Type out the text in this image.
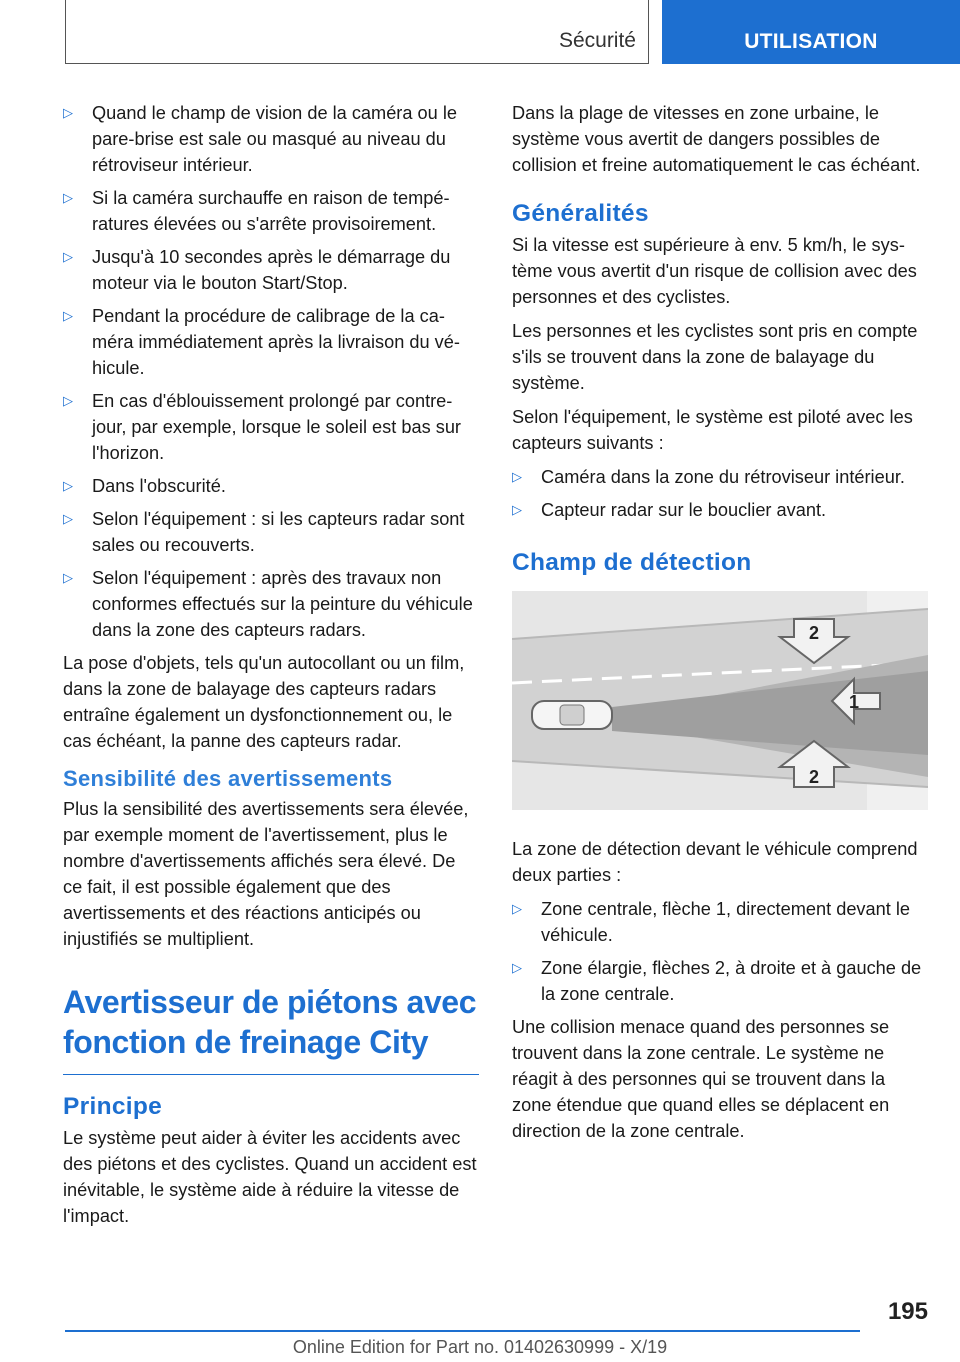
Sécurité	UTILISATION
▷ Quand le champ de vision de la caméra ou le pare-brise est sale ou masqué au niveau du rétroviseur intérieur.
▷ Si la caméra surchauffe en raison de températures élevées ou s'arrête provisoirement.
▷ Jusqu'à 10 secondes après le démarrage du moteur via le bouton Start/Stop.
▷ Pendant la procédure de calibrage de la caméra immédiatement après la livraison du véhicule.
▷ En cas d'éblouissement prolongé par contre-jour, par exemple, lorsque le soleil est bas sur l'horizon.
▷ Dans l'obscurité.
▷ Selon l'équipement : si les capteurs radar sont sales ou recouverts.
▷ Selon l'équipement : après des travaux non conformes effectués sur la peinture du véhicule dans la zone des capteurs radars.

La pose d'objets, tels qu'un autocollant ou un film, dans la zone de balayage des capteurs radars entraîne également un dysfonctionnement ou, le cas échéant, la panne des capteurs radar.

Sensibilité des avertissements

Plus la sensibilité des avertissements sera élevée, par exemple moment de l'avertissement, plus le nombre d'avertissements affichés sera élevé. De ce fait, il est possible également que des avertissements et des réactions anticipés ou injustifiés se multiplient.

Avertisseur de piétons avec fonction de freinage City
Principe

Le système peut aider à éviter les accidents avec des piétons et des cyclistes. Quand un accident est inévitable, le système aide à réduire la vitesse de l'impact.

Dans la plage de vitesses en zone urbaine, le système vous avertit de dangers possibles de collision et freine automatiquement le cas échéant.

Généralités

Si la vitesse est supérieure à env. 5 km/h, le système vous avertit d'un risque de collision avec des personnes et des cyclistes.

Les personnes et les cyclistes sont pris en compte s'ils se trouvent dans la zone de balayage du système.

Selon l'équipement, le système est piloté avec les capteurs suivants :

▷ Caméra dans la zone du rétroviseur intérieur.
▷ Capteur radar sur le bouclier avant.
Champ de détection
2
1
2

La zone de détection devant le véhicule comprend deux parties :

▷ Zone centrale, flèche 1, directement devant le véhicule.
▷ Zone élargie, flèches 2, à droite et à gauche de la zone centrale.

Une collision menace quand des personnes se trouvent dans la zone centrale. Le système ne réagit à des personnes qui se trouvent dans la zone étendue que quand elles se déplacent en direction de la zone centrale.

195
Online Edition for Part no. 01402630999 - X/19
